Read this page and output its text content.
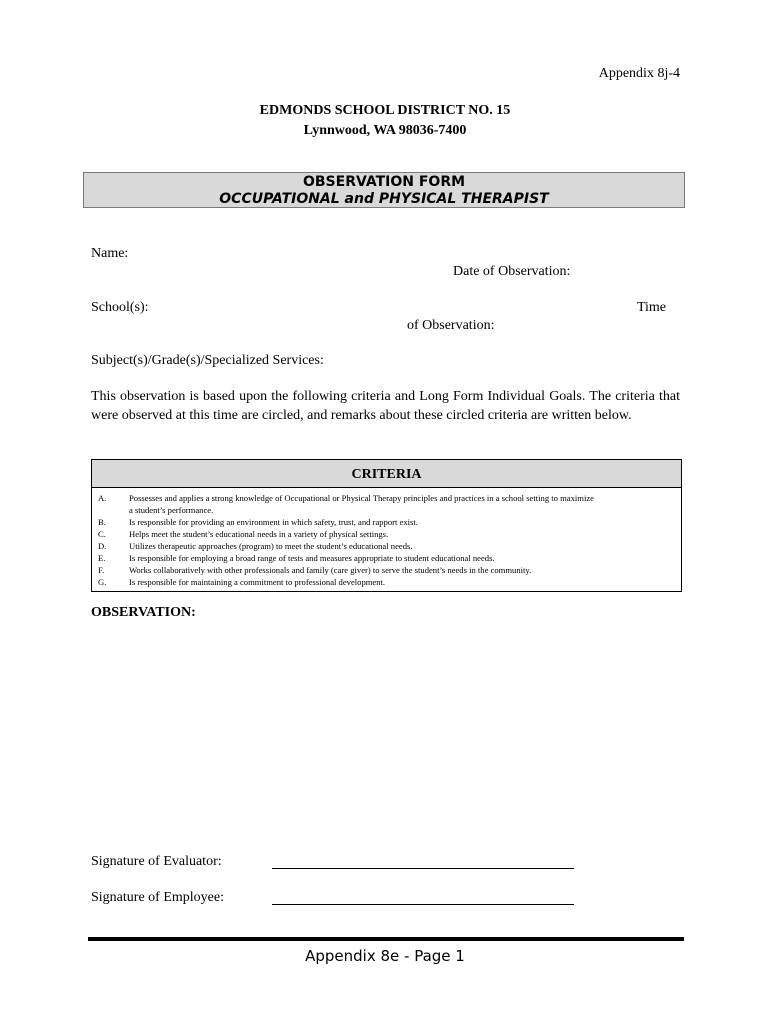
Appendix 8j-4
EDMONDS SCHOOL DISTRICT NO. 15
Lynnwood, WA 98036-7400
OBSERVATION FORM
OCCUPATIONAL and PHYSICAL THERAPIST
Name:
Date of Observation:
School(s):	Time
of Observation:
Subject(s)/Grade(s)/Specialized Services:
This observation is based upon the following criteria and Long Form Individual Goals. The criteria that were observed at this time are circled, and remarks about these circled criteria are written below.
CRITERIA
A.	Possesses and applies a strong knowledge of Occupational or Physical Therapy principles and practices in a school setting to maximize
a student’s performance.
B.	Is responsible for providing an environment in which safety, trust, and rapport exist.
C.	Helps meet the student’s educational needs in a variety of physical settings.
D.	Utilizes therapeutic approaches (program) to meet the student’s educational needs.
E.	Is responsible for employing a broad range of tests and measures appropriate to student educational needs.
F.	Works collaboratively with other professionals and family (care giver) to serve the student’s needs in the community.
G.	Is responsible for maintaining a commitment to professional development.
OBSERVATION:
Signature of Evaluator:
Signature of Employee:
Appendix 8e - Page 1
